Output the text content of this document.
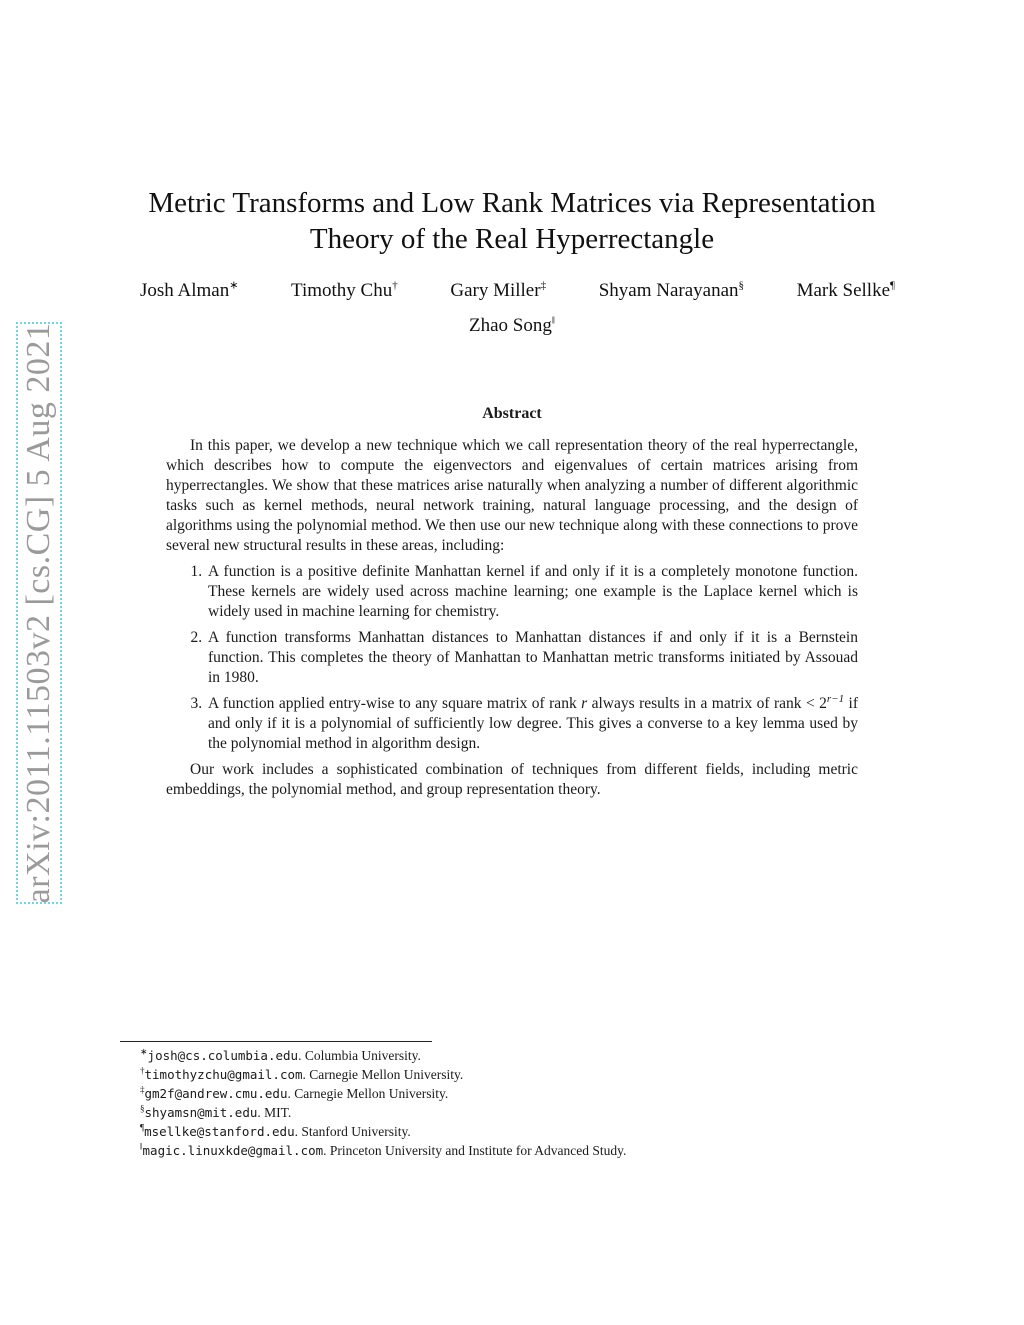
arXiv:2011.11503v2 [cs.CG] 5 Aug 2021
Metric Transforms and Low Rank Matrices via Representation
Theory of the Real Hyperrectangle
Josh Alman∗	Timothy Chu†	Gary Miller‡	Shyam Narayanan§	Mark Sellke¶
Zhao Song‖
Abstract

In this paper, we develop a new technique which we call representation theory of the real hyperrectangle, which describes how to compute the eigenvectors and eigenvalues of certain matrices arising from hyperrectangles. We show that these matrices arise naturally when analyzing a number of different algorithmic tasks such as kernel methods, neural network training, natural language processing, and the design of algorithms using the polynomial method. We then use our new technique along with these connections to prove several new structural results in these areas, including:

1. A function is a positive definite Manhattan kernel if and only if it is a completely monotone function. These kernels are widely used across machine learning; one example is the Laplace kernel which is widely used in machine learning for chemistry.
2. A function transforms Manhattan distances to Manhattan distances if and only if it is a Bernstein function. This completes the theory of Manhattan to Manhattan metric transforms initiated by Assouad in 1980.
3. A function applied entry-wise to any square matrix of rank r always results in a matrix of rank < $2^{r-1}$ if and only if it is a polynomial of sufficiently low degree. This gives a converse to a key lemma used by the polynomial method in algorithm design.

Our work includes a sophisticated combination of techniques from different fields, including metric embeddings, the polynomial method, and group representation theory.

∗josh@cs.columbia.edu. Columbia University.
†timothyzchu@gmail.com. Carnegie Mellon University.
‡gm2f@andrew.cmu.edu. Carnegie Mellon University.
§shyamsn@mit.edu. MIT.
¶msellke@stanford.edu. Stanford University.
‖magic.linuxkde@gmail.com. Princeton University and Institute for Advanced Study.
